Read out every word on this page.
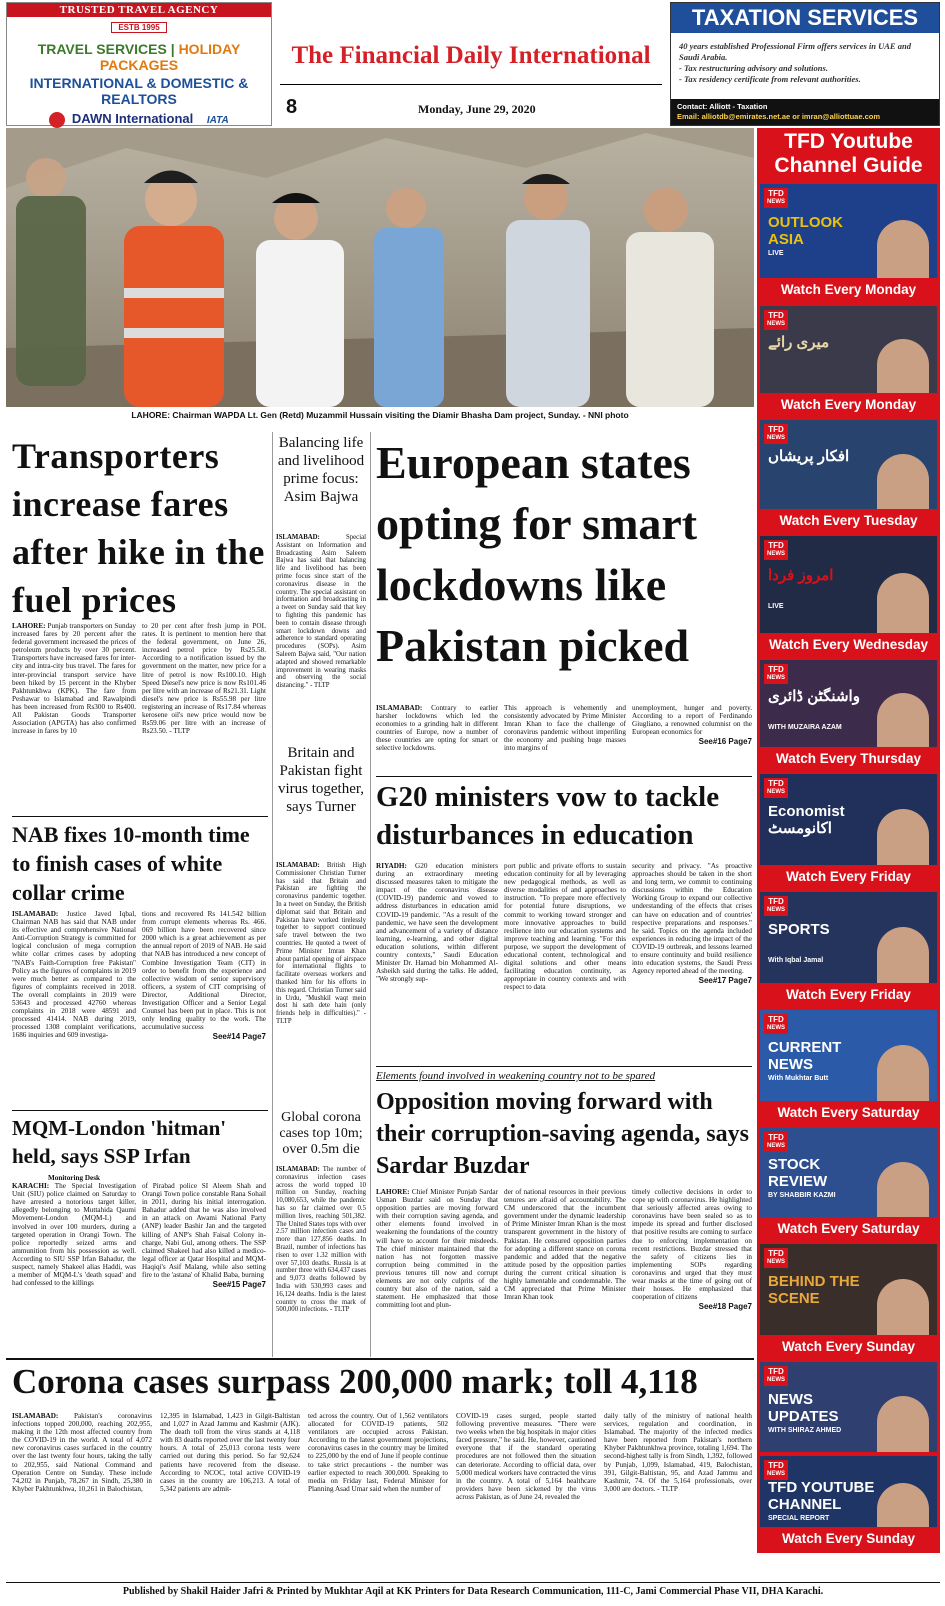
TRUSTED TRAVEL AGENCY
ESTB 1995
TRAVEL SERVICES | HOLIDAY PACKAGES
INTERNATIONAL & DOMESTIC & REALTORS
DAWN International IATA
The Financial Daily International
8	Monday, June 29, 2020
TAXATION SERVICES
40 years established Professional Firm offers services in UAE and Saudi Arabia.
- Tax restructuring advisory and solutions.
- Tax residency certificate from relevant authorities.
Contact: Alliott - Taxation
Email: alliotdb@emirates.net.ae or imran@alliottuae.com
LAHORE: Chairman WAPDA Lt. Gen (Retd) Muzammil Hussain visiting the Diamir Bhasha Dam project, Sunday. - NNI photo
TFD Youtube Channel Guide
TFD
NEWS
OUTLOOK ASIA
LIVE
Watch Every Monday
TFD
NEWS
میری رائے
Watch Every Monday
TFD
NEWS
افکار پریشاں
Watch Every Tuesday
TFD
NEWS
امروز فردا
LIVE
Watch Every Wednesday
TFD
NEWS
واشنگٹن ڈائری
WITH MUZAIRA AZAM
Watch Every Thursday
TFD
NEWS
Economist اکانومسٹ
Watch Every Friday
TFD
NEWS
SPORTS
With Iqbal Jamal
Watch Every Friday
TFD
NEWS
CURRENT NEWS
With Mukhtar Butt
Watch Every Saturday
TFD
NEWS
STOCK REVIEW
BY SHABBIR KAZMI
Watch Every Saturday
TFD
NEWS
BEHIND THE SCENE
Watch Every Sunday
TFD
NEWS
NEWS UPDATES
WITH SHIRAZ AHMED
TFD
NEWS
TFD YOUTUBE CHANNEL
SPECIAL REPORT
Watch Every Sunday
Transporters increase fares after hike in the fuel prices
LAHORE: Punjab transporters on Sunday increased fares by 20 percent after the federal government increased the prices of petroleum products by over 30 percent. Transporters have increased fares for inter-city and intra-city bus travel. The fares for inter-provincial transport service have been hiked by 15 percent in the Khyber Pakhtunkhwa (KPK). The fare from Peshawar to Islamabad and Rawalpindi has been increased from Rs300 to Rs400. All Pakistan Goods Transporter Association (APGTA) has also confirmed increase in fares by 10
to 20 per cent after fresh jump in POL rates. It is pertinent to mention here that the federal government, on June 26, increased petrol price by Rs25.58. According to a notification issued by the government on the matter, new price for a litre of petrol is now Rs100.10. High Speed Diesel's new price is now Rs101.46 per litre with an increase of Rs21.31. Light diesel's new price is Rs55.98 per litre registering an increase of Rs17.84 whereas kerosene oil's new price would now be Rs59.06 per litre with an increase of Rs23.50. - TLTP
NAB fixes 10-month time to finish cases of white collar crime
ISLAMABAD: Justice Javed Iqbal, Chairman NAB has said that NAB under its effective and comprehensive National Anti-Corruption Strategy is committed for logical conclusion of mega corruption white collar crimes cases by adopting "NAB's Faith-Corruption free Pakistan" Policy as the figures of complaints in 2019 were much better as compared to the figures of complaints received in 2018. The overall complaints in 2019 were 53643 and processed 42760 whereas complaints in 2018 were 48591 and processed 41414. NAB during 2019, processed 1308 complaint verifications, 1686 inquiries and 609 investiga-
tions and recovered Rs 141.542 billion from corrupt elements whereas Rs. 466. 069 billion have been recovered since 2000 which is a great achievement as per the annual report of 2019 of NAB. He said that NAB has introduced a new concept of Combine Investigation Team (CIT) in order to benefit from the experience and collective wisdom of senior supervisory officers, a system of CIT comprising of Director, Additional Director, Investigation Officer and a Senior Legal Counsel has been put in place. This is not only lending quality to the work. The accumulative success
See#14 Page7
MQM-London 'hitman' held, says SSP Irfan
Monitoring Desk
KARACHI: The Special Investigation Unit (SIU) police claimed on Saturday to have arrested a notorious target killer, allegedly belonging to Muttahida Qaumi Movement-London (MQM-L) and involved in over 100 murders, during a targeted operation in Orangi Town. The police reportedly seized arms and ammunition from his possession as well. According to SIU SSP Irfan Bahadur, the suspect, namely Shakeel alias Haddi, was a member of MQM-L's 'death squad' and had confessed to the killings
of Pirabad police SI Aleem Shah and Orangi Town police constable Rana Sohail in 2011, during his initial interrogation. Bahadur added that he was also involved in an attack on Awami National Party (ANP) leader Bashir Jan and the targeted killing of ANP's Shah Faisal Colony in-charge, Nabi Gul, among others. The SSP claimed Shakeel had also killed a medico-legal officer at Qatar Hospital and MQM-Haqiqi's Asif Malang, while also setting fire to the 'astana' of Khalid Baba, burning
See#15 Page7
Balancing life and livelihood prime focus: Asim Bajwa
ISLAMABAD:	Special Assistant on Information and Broadcasting Asim Saleem Bajwa has said that balancing life and livelihood has been prime focus since start of the coronavirus disease in the country. The special assistant on information and broadcasting in a tweet on Sunday said that key to fighting this pandemic has been to contain disease through smart lockdown downs and adherence to standard operating procedures (SOPs). Asim Saleem Bajwa said, "Our nation adapted and showed remarkable improvement in wearing masks and observing the social distancing." - TLTP
Britain and Pakistan fight virus together, says Turner
ISLAMABAD: British High Commissioner Christian Turner has said that Britain and Pakistan are fighting the coronavirus pandemic together. In a tweet on Sunday, the British diplomat said that Britain and Pakistan have worked tirelessly together to support continued safe travel between the two countries. He quoted a tweet of Prime Minister Imran Khan about partial opening of airspace for international flights to facilitate overseas workers and thanked him for his efforts in this regard. Christian Turner said in Urdu, "Mushkil waqt mein dost hi sath dete hain (only friends help in difficulties)." - TLTP
Global corona cases top 10m; over 0.5m die
ISLAMABAD: The number of coronavirus infection cases across the world topped 10 million on Sunday, reaching 10,080,653, while the pandemic has so far claimed over 0.5 million lives, reaching 501,382. The United States tops with over 2.57 million infection cases and more than 127,856 deaths. In Brazil, number of infections has risen to over 1.32 million with over 57,103 deaths. Russia is at number three with 634,437 cases and 9,073 deaths followed by India with 530,993 cases and 16,124 deaths. India is the latest country to cross the mark of 500,000 infections. - TLTP
European states opting for smart lockdowns like Pakistan picked
ISLAMABAD: Contrary to earlier harsher lockdowns which led the economies to a grinding halt in different countries of Europe, now a number of these countries are opting for smart or selective lockdowns.
This approach is vehemently and consistently advocated by Prime Minister Imran Khan to face the challenge of coronavirus pandemic without imperiling the economy and pushing huge masses into margins of
unemployment, hunger and poverty. According to a report of Ferdinando Giugliano, a renowned columnist on the European economics for
See#16 Page7
G20 ministers vow to tackle disturbances in education
RIYADH: G20 education ministers during an extraordinary meeting discussed measures taken to mitigate the impact of the coronavirus disease (COVID-19) pandemic and vowed to address disturbances in education amid COVID-19 pandemic. "As a result of the pandemic, we have seen the development and advancement of a variety of distance learning, e-learning, and other digital education solutions, within different country contexts," Saudi Education Minister Dr. Hamad bin Mohammed Al-Asheikh said during the talks. He added, "We strongly sup-
port public and private efforts to sustain education continuity for all by leveraging new pedagogical methods, as well as diverse modalities of and approaches to instruction. "To prepare more effectively for potential future disruptions, we commit to working toward stronger and more innovative approaches to build resilience into our education systems and improve teaching and learning. "For this purpose, we support the development of educational content, technological and digital solutions and other means facilitating education continuity, as appropriate in country contexts and with respect to data
security and privacy. "As proactive approaches should be taken in the short and long term, we commit to continuing discussions within the Education Working Group to expand our collective understanding of the effects that crises can have on education and of countries' respective preparations and responses." he said. Topics on the agenda included experiences in reducing the impact of the COVID-19 outbreak, and lessons learned to ensure continuity and build resilience into education systems, the Saudi Press Agency reported ahead of the meeting.
See#17 Page7
Elements found involved in weakening country not to be spared
Opposition moving forward with their corruption-saving agenda, says Sardar Buzdar
LAHORE: Chief Minister Punjab Sardar Usman Buzdar said on Sunday that opposition parties are moving forward with their corruption saving agenda, and other elements found involved in weakening the foundations of the country will have to account for their misdeeds. The chief minister maintained that the nation has not forgotten massive corruption being committed in the previous tenures till now and corrupt elements are not only culprits of the country but also of the nation, said a statement. He emphasized that those committing loot and plun-
der of national resources in their previous tenures are afraid of accountability. The CM underscored that the incumbent government under the dynamic leadership of Prime Minister Imran Khan is the most transparent government in the history of Pakistan. He censured opposition parties for adopting a different stance on corona pandemic and added that the negative attitude posed by the opposition parties during the current critical situation is highly lamentable and condemnable. The CM appreciated that Prime Minister Imran Khan took
timely collective decisions in order to cope up with coronavirus. He highlighted that seriously affected areas owing to coronavirus have been sealed so as to impede its spread and further disclosed that positive results are coming to surface due to enforcing implementation on recent restrictions. Buzdar stressed that the safety of citizens lies in implementing SOPs regarding coronavirus and urged that they must wear masks at the time of going out of their houses. He emphasized that cooperation of citizens
See#18 Page7
Corona cases surpass 200,000 mark; toll 4,118
ISLAMABAD: Pakistan's coronavirus infections topped 200,000, reaching 202,955, making it the 12th most affected country from the COVID-19 in the world. A total of 4,072 new coronavirus cases surfaced in the country over the last twenty four hours, taking the tally to 202,955, said National Command and Operation Centre on Sunday. These include 74,202 in Punjab, 78,267 in Sindh, 25,380 in Khyber Pakhtunkhwa, 10,261 in Balochistan,
12,395 in Islamabad, 1,423 in Gilgit-Baltistan and 1,027 in Azad Jammu and Kashmir (AJK). The death toll from the virus stands at 4,118 with 83 deaths reported over the last twenty four hours. A total of 25,013 corona tests were carried out during this period. So far 92,624 patients have recovered from the disease. According to NCOC, total active COVID-19 cases in the country are 106,213. A total of 5,342 patients are admit-
ted across the country. Out of 1,562 ventilators allocated for COVID-19 patients, 502 ventilators are occupied across Pakistan. According to the latest government projections, coronavirus cases in the country may be limited to 225,000 by the end of June if people continue to take strict precautions - the number was earlier expected to reach 300,000. Speaking to media on Friday last, Federal Minister for Planning Asad Umar said when the number of
COVID-19 cases surged, people started following preventive measures. "There were two weeks when the big hospitals in major cities faced pressure," he said. He, however, cautioned everyone that if the standard operating procedures are not followed then the situation can deteriorate. According to official data, over 5,000 medical workers have contracted the virus in the country. A total of 5,164 healthcare providers have been sickened by the virus across Pakistan, as of June 24, revealed the
daily tally of the ministry of national health services, regulation and coordination, in Islamabad. The majority of the infected medics have been reported from Pakistan's northern Khyber Pakhtunkhwa province, totaling 1,694. The second-highest tally is from Sindh, 1,392, followed by Punjab, 1,099, Islamabad, 419, Balochistan, 391, Gilgit-Baltistan, 95, and Azad Jammu and Kashmir, 74. Of the 5,164 professionals, over 3,000 are doctors. - TLTP
Published by Shakil Haider Jafri & Printed by Mukhtar Aqil at KK Printers for Data Research Communication, 111-C, Jami Commercial Phase VII, DHA Karachi.
